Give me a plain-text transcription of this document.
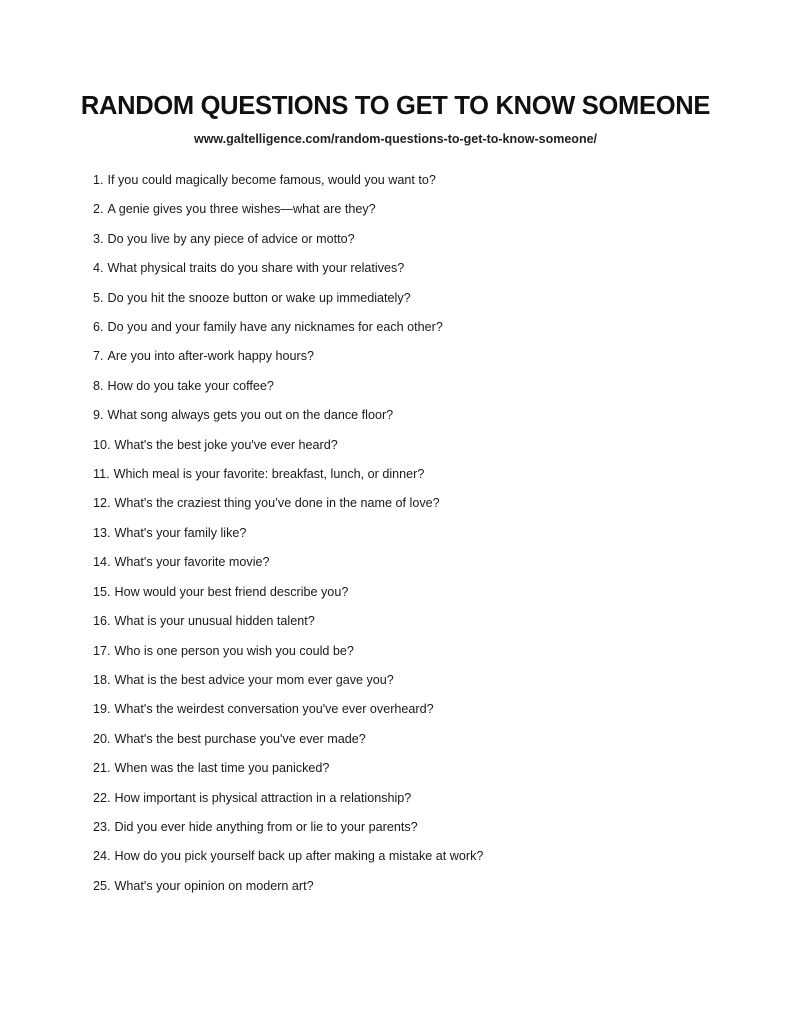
RANDOM QUESTIONS TO GET TO KNOW SOMEONE
www.galtelligence.com/random-questions-to-get-to-know-someone/
1. If you could magically become famous, would you want to?
2. A genie gives you three wishes—what are they?
3. Do you live by any piece of advice or motto?
4. What physical traits do you share with your relatives?
5. Do you hit the snooze button or wake up immediately?
6. Do you and your family have any nicknames for each other?
7. Are you into after-work happy hours?
8. How do you take your coffee?
9. What song always gets you out on the dance floor?
10. What's the best joke you've ever heard?
11. Which meal is your favorite: breakfast, lunch, or dinner?
12. What's the craziest thing you’ve done in the name of love?
13. What's your family like?
14. What's your favorite movie?
15. How would your best friend describe you?
16. What is your unusual hidden talent?
17. Who is one person you wish you could be?
18. What is the best advice your mom ever gave you?
19. What's the weirdest conversation you've ever overheard?
20. What's the best purchase you've ever made?
21. When was the last time you panicked?
22. How important is physical attraction in a relationship?
23. Did you ever hide anything from or lie to your parents?
24. How do you pick yourself back up after making a mistake at work?
25. What's your opinion on modern art?
